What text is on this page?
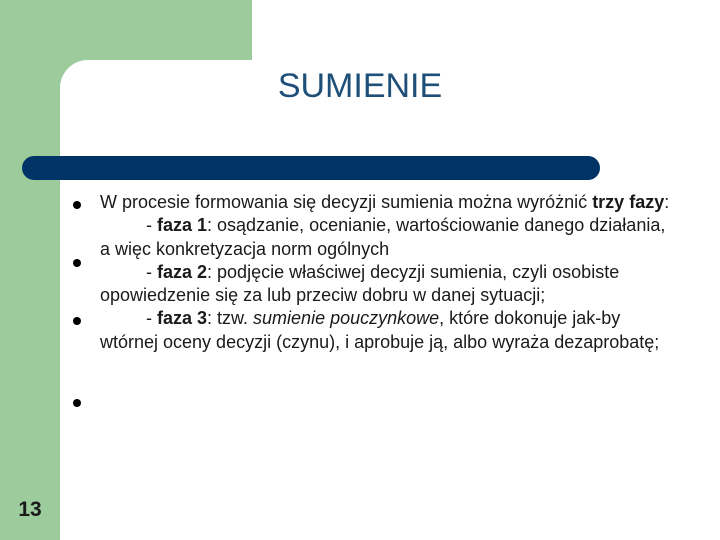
SUMIENIE

W procesie formowania się decyzji sumienia można wyróżnić trzy fazy:

- faza 1: osądzanie, ocenianie, wartościowanie danego działania, a więc konkretyzacja norm ogólnych

- faza 2: podjęcie właściwej decyzji sumienia, czyli osobiste opowiedzenie się za lub przeciw dobru w danej sytuacji;

- faza 3: tzw. sumienie pouczynkowe, które dokonuje jak-by wtórnej oceny decyzji (czynu), i aprobuje ją, albo wyraża dezaprobatę;

13
